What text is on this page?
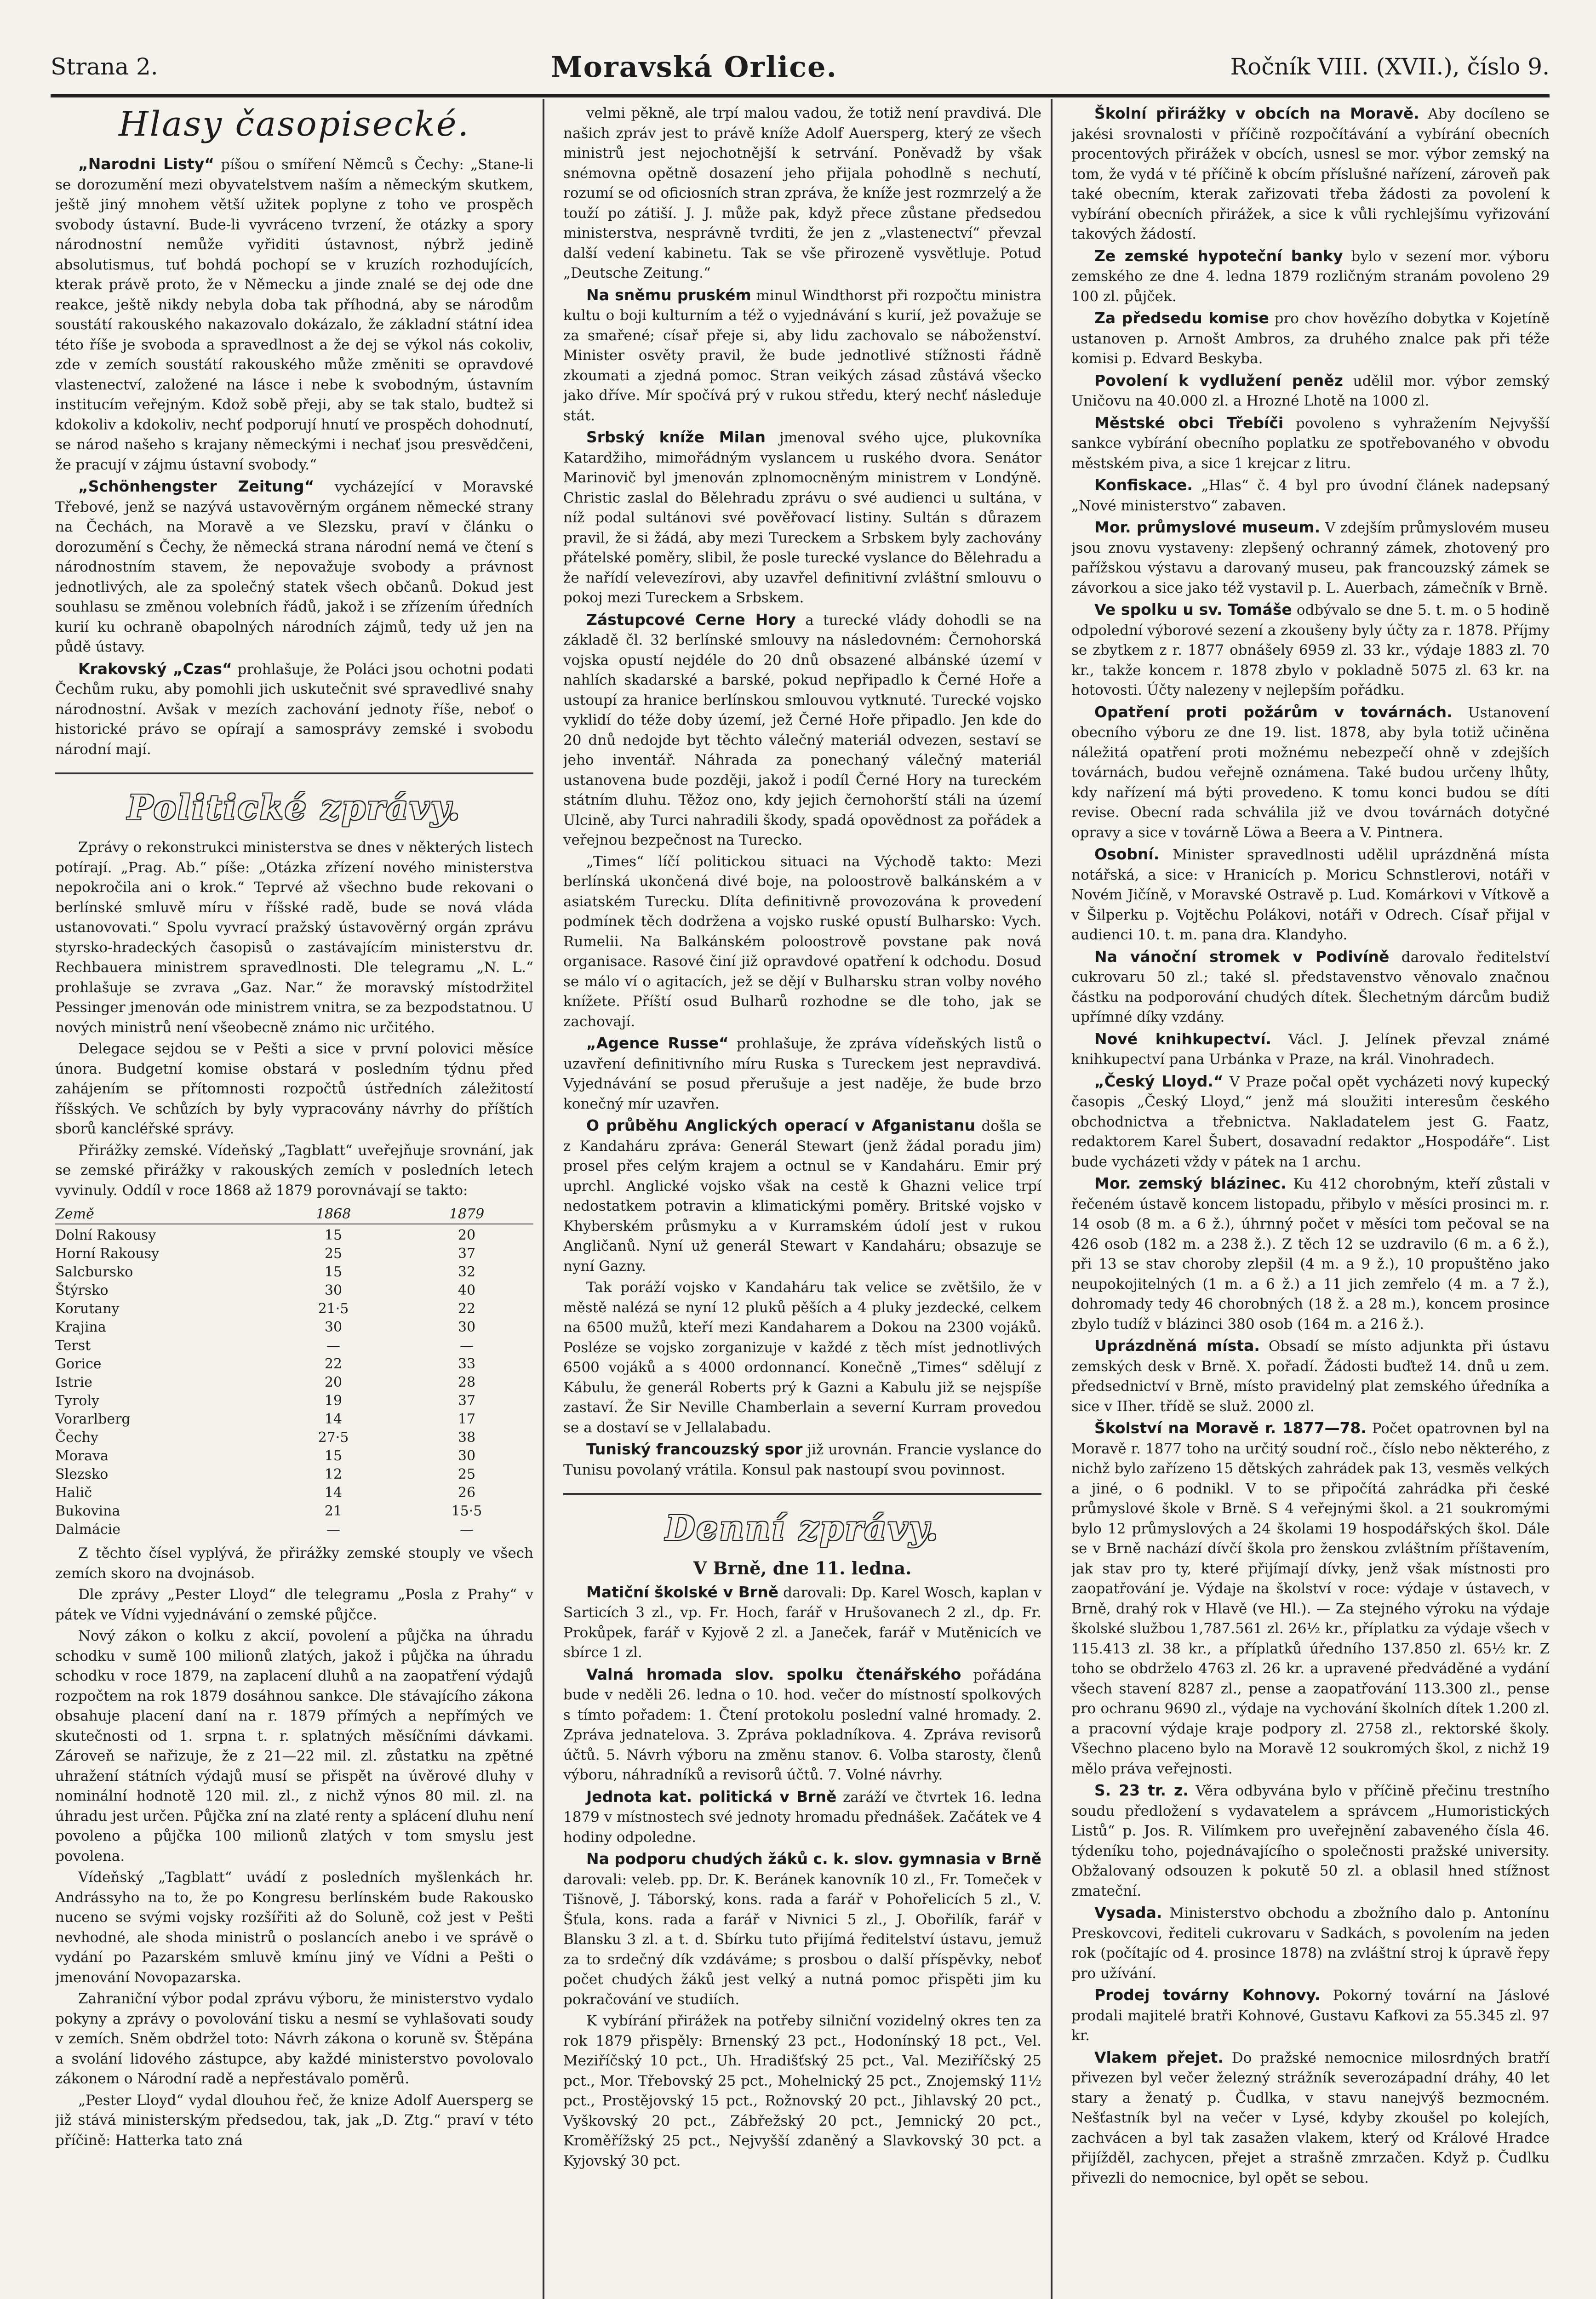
Strana 2.	Moravská Orlice.	Ročník VIII. (XVII.), číslo 9.
Hlasy časopisecké.

„Narodni Listy“ píšou o smíření Němců s Čechy: „Stane-li se dorozumění mezi obyvatelstvem naším a německým skutkem, ještě jiný mnohem větší užitek poplyne z toho ve prospěch svobody ústavní. Bude-li vyvráceno tvrzení, že otázky a spory národnostní nemůže vyřiditi ústavnost, nýbrž jedině absolutismus, tuť bohdá pochopí se v kruzích rozhodujících, kterak právě proto, že v Německu a jinde znalé se dej ode dne reakce, ještě nikdy nebyla doba tak příhodná, aby se národům soustátí rakouského nakazovalo dokázalo, že základní státní idea této říše je svoboda a spravedlnost a že dej se výkol nás cokoliv, zde v zemích soustátí rakouského může změniti se opravdové vlastenectví, založené na lásce i nebe k svobodným, ústavním institucím veřejným. Kdož sobě přeji, aby se tak stalo, budtež si kdokoliv a kdokoliv, nechť podporují hnutí ve prospěch dohodnutí, se národ našeho s krajany německými i nechať jsou presvědčeni, že pracují v zájmu ústavní svobody.“

„Schönhengster Zeitung“ vycházející v Moravské Třebové, jenž se nazývá ustavověrným orgánem německé strany na Čechách, na Moravě a ve Slezsku, praví v článku o dorozumění s Čechy, že německá strana národní nemá ve čtení s národnostním stavem, že nepovažuje svobody a právnost jednotlivých, ale za společný statek všech občanů. Dokud jest souhlasu se změnou volebních řádů, jakož i se zřízením úředních kurií ku ochraně obapolných národních zájmů, tedy už jen na půdě ústavy.

Krakovský „Czas“ prohlašuje, že Poláci jsou ochotni podati Čechům ruku, aby pomohli jich uskutečnit své spravedlivé snahy národnostní. Avšak v mezích zachování jednoty říše, neboť o historické právo se opírají a samosprávy zemské i svobodu národní mají.

Politické zprávy.

Zprávy o rekonstrukci ministerstva se dnes v některých listech potírají. „Prag. Ab.“ píše: „Otázka zřízení nového ministerstva nepokročila ani o krok.“ Teprvé až všechno bude rekovani o berlínské smluvě míru v říšské radě, bude se nová vláda ustanovovati.“ Spolu vyvrací pražský ústavověrný orgán zprávu styrsko-hradeckých časopisů o zastávajícím ministerstvu dr. Rechbauera ministrem spravedlnosti. Dle telegramu „N. L.“ prohlašuje se zvrava „Gaz. Nar.“ že moravský místodržitel Pessinger jmenován ode ministrem vnitra, se za bezpodstatnou. U nových ministrů není všeobecně známo nic určitého.

Delegace sejdou se v Pešti a sice v první polovici měsíce února. Budgetní komise obstará v posledním týdnu před zahájením se přítomnosti rozpočtů ústředních záležitostí říšských. Ve schůzích by byly vypracovány návrhy do příštích sborů kancléřské správy.

Přirážky zemské. Vídeňský „Tagblatt“ uveřejňuje srovnání, jak se zemské přirážky v rakouských zemích v posledních letech vyvinuly. Oddíl v roce 1868 až 1879 porovnávají se takto:

Země	1868	1879
Dolní Rakousy	15	20
Horní Rakousy	25	37
Salcbursko	15	32
Štýrsko	30	40
Korutany	21·5	22
Krajina	30	30
Terst	—	—
Gorice	22	33
Istrie	20	28
Tyroly	19	37
Vorarlberg	14	17
Čechy	27·5	38
Morava	15	30
Slezsko	12	25
Halič	14	26
Bukovina	21	15·5
Dalmácie	—	—

Z těchto čísel vyplývá, že přirážky zemské stouply ve všech zemích skoro na dvojnásob.

Dle zprávy „Pester Lloyd“ dle telegramu „Posla z Prahy“ v pátek ve Vídni vyjednávání o zemské půjčce.

Nový zákon o kolku z akcií, povolení a půjčka na úhradu schodku v sumě 100 milionů zlatých, jakož i půjčka na úhradu schodku v roce 1879, na zaplacení dluhů a na zaopatření výdajů rozpočtem na rok 1879 dosáhnou sankce. Dle stávajícího zákona obsahuje placení daní na r. 1879 přímých a nepřímých ve skutečnosti od 1. srpna t. r. splatných měsíčními dávkami. Zároveň se nařizuje, že z 21—22 mil. zl. zůstatku na zpětné uhražení státních výdajů musí se přispět na úvěrové dluhy v nominální hodnotě 120 mil. zl., z nichž výnos 80 mil. zl. na úhradu jest určen. Půjčka zní na zlaté renty a splácení dluhu není povoleno a půjčka 100 milionů zlatých v tom smyslu jest povolena.

Vídeňský „Tagblatt“ uvádí z posledních myšlenkách hr. Andrássyho na to, že po Kongresu berlínském bude Rakousko nuceno se svými vojsky rozšířiti až do Soluně, což jest v Pešti nevhodné, ale shoda ministrů o poslancích anebo i ve správě o vydání po Pazarském smluvě kmínu jiný ve Vídni a Pešti o jmenování Novopazarska.

Zahraniční výbor podal zprávu výboru, že ministerstvo vydalo pokyny a zprávy o povolování tisku a nesmí se vyhlašovati soudy v zemích. Sněm obdržel toto: Návrh zákona o koruně sv. Štěpána a svolání lidového zástupce, aby každé ministerstvo povolovalo zákonem o Národní radě a nepřestávalo poměrů.

„Pester Lloyd“ vydal dlouhou řeč, že knize Adolf Auersperg se již stává ministerským předsedou, tak, jak „D. Ztg.“ praví v této příčině: Hatterka tato zná

velmi pěkně, ale trpí malou vadou, že totiž není pravdivá. Dle našich zpráv jest to právě kníže Adolf Auersperg, který ze všech ministrů jest nejochotnější k setrvání. Poněvadž by však snémovna opětně dosazení jeho přijala pohodlně s nechutí, rozumí se od oficiosních stran zpráva, že kníže jest rozmrzelý a že touží po zátiší. J. J. může pak, když přece zůstane předsedou ministerstva, nesprávně tvrditi, že jen z „vlastenectví“ převzal další vedení kabinetu. Tak se vše přirozeně vysvětluje. Potud „Deutsche Zeitung.“

Na sněmu pruském minul Windthorst při rozpočtu ministra kultu o boji kulturním a též o vyjednávání s kurií, jež považuje se za smařené; císař přeje si, aby lidu zachovalo se náboženství. Minister osvěty pravil, že bude jednotlivé stížnosti řádně zkoumati a zjedná pomoc. Stran veikých zásad zůstává všecko jako dříve. Mír spočívá prý v rukou středu, který nechť následuje stát.

Srbský kníže Milan jmenoval svého ujce, plukovníka Katardžiho, mimořádným vyslancem u ruského dvora. Senátor Marinovič byl jmenován zplnomocněným ministrem v Londýně. Christic zaslal do Bělehradu zprávu o své audienci u sultána, v níž podal sultánovi své pověřovací listiny. Sultán s důrazem pravil, že si žádá, aby mezi Tureckem a Srbskem byly zachovány přátelské poměry, slibil, že posle turecké vyslance do Bělehradu a že nařídí velevezírovi, aby uzavřel definitivní zvláštní smlouvu o pokoj mezi Tureckem a Srbskem.

Zástupcové Cerne Hory a turecké vlády dohodli se na základě čl. 32 berlínské smlouvy na následovném: Černohorská vojska opustí nejdéle do 20 dnů obsazené albánské území v nahlích skadarské a barské, pokud nepřipadlo k Černé Hoře a ustoupí za hranice berlínskou smlouvou vytknuté. Turecké vojsko vyklidí do téže doby území, jež Černé Hoře připadlo. Jen kde do 20 dnů nedojde byt těchto válečný materiál odvezen, sestaví se jeho inventář. Náhrada za ponechaný válečný materiál ustanovena bude později, jakož i podíl Černé Hory na tureckém státním dluhu. Těžoz ono, kdy jejich černohorští stáli na území Ulcině, aby Turci nahradili škody, spadá opovědnost za pořádek a veřejnou bezpečnost na Turecko.

„Times“ líčí politickou situaci na Východě takto: Mezi berlínská ukončená divé boje, na poloostrově balkánském a v asiatském Turecku. Dlíta definitivně provozována k provedení podmínek těch dodržena a vojsko ruské opustí Bulharsko: Vych. Rumelii. Na Balkánském poloostrově povstane pak nová organisace. Rasové činí již opravdové opatření k odchodu. Dosud se málo ví o agitacích, jež se dějí v Bulharsku stran volby nového knížete. Příští osud Bulharů rozhodne se dle toho, jak se zachovají.

„Agence Russe“ prohlašuje, že zpráva vídeňských listů o uzavření definitivního míru Ruska s Tureckem jest nepravdivá. Vyjednávání se posud přerušuje a jest naděje, že bude brzo konečný mír uzavřen.

O průběhu Anglických operací v Afganistanu došla se z Kandaháru zpráva: Generál Stewart (jenž žádal poradu jim) prosel přes celým krajem a octnul se v Kandaháru. Emir prý uprchl. Anglické vojsko však na cestě k Ghazni velice trpí nedostatkem potravin a klimatickými poměry. Britské vojsko v Khyberském průsmyku a v Kurramském údolí jest v rukou Angličanů. Nyní už generál Stewart v Kandaháru; obsazuje se nyní Gazny.

Tak poráží vojsko v Kandaháru tak velice se zvětšilo, že v městě nalézá se nyní 12 pluků pěších a 4 pluky jezdecké, celkem na 6500 mužů, kteří mezi Kandaharem a Dokou na 2300 vojáků. Posléze se vojsko zorganizuje v každé z těch míst jednotlivých 6500 vojáků a s 4000 ordonnancí. Konečně „Times“ sdělují z Kábulu, že generál Roberts prý k Gazni a Kabulu již se nejspíše zastaví. Že Sir Neville Chamberlain a severní Kurram provedou se a dostaví se v Jellalabadu.

Tuniský francouzský spor již urovnán. Francie vyslance do Tunisu povolaný vrátila. Konsul pak nastoupí svou povinnost.

Denní zprávy.
V Brně, dne 11. ledna.

Matiční školské v Brně darovali: Dp. Karel Wosch, kaplan v Sarticích 3 zl., vp. Fr. Hoch, farář v Hrušovanech 2 zl., dp. Fr. Prokůpek, farář v Kyjově 2 zl. a Janeček, farář v Mutěnicích ve sbírce 1 zl.

Valná hromada slov. spolku čtenářského pořádána bude v neděli 26. ledna o 10. hod. večer do místností spolkových s tímto pořadem: 1. Čtení protokolu poslední valné hromady. 2. Zpráva jednatelova. 3. Zpráva pokladníkova. 4. Zpráva revisorů účtů. 5. Návrh výboru na změnu stanov. 6. Volba starosty, členů výboru, náhradníků a revisorů účtů. 7. Volné návrhy.

Jednota kat. politická v Brně zaráží ve čtvrtek 16. ledna 1879 v místnostech své jednoty hromadu přednášek. Začátek ve 4 hodiny odpoledne.

Na podporu chudých žáků c. k. slov. gymnasia v Brně darovali: veleb. pp. Dr. K. Beránek kanovník 10 zl., Fr. Tomeček v Tišnově, J. Táborský, kons. rada a farář v Pohořelicích 5 zl., V. Šťula, kons. rada a farář v Nivnici 5 zl., J. Obořilík, farář v Blansku 3 zl. a t. d. Sbírku tuto přijímá ředitelství ústavu, jemuž za to srdečný dík vzdáváme; s prosbou o další příspěvky, neboť počet chudých žáků jest velký a nutná pomoc přispěti jim ku pokračování ve studiích.

K vybírání přirážek na potřeby silniční vozidelný okres ten za rok 1879 přispěly: Brnenský 23 pct., Hodonínský 18 pct., Vel. Meziříčský 10 pct., Uh. Hradišťský 25 pct., Val. Meziříčský 25 pct., Mor. Třebovský 25 pct., Mohelnický 25 pct., Znojemský 11½ pct., Prostějovský 15 pct., Rožnovský 20 pct., Jihlavský 20 pct., Vyškovský 20 pct., Zábřežský 20 pct., Jemnický 20 pct., Kroměřížský 25 pct., Nejvyšší zdaněný a Slavkovský 30 pct. a Kyjovský 30 pct.

Školní přirážky v obcích na Moravě. Aby docíleno se jakési srovnalosti v příčině rozpočítávání a vybírání obecních procentových přirážek v obcích, usnesl se mor. výbor zemský na tom, že vydá v té příčině k obcím příslušné nařízení, zároveň pak také obecním, kterak zařizovati třeba žádosti za povolení k vybírání obecních přirážek, a sice k vůli rychlejšímu vyřizování takových žádostí.

Ze zemské hypoteční banky bylo v sezení mor. výboru zemského ze dne 4. ledna 1879 rozličným stranám povoleno 29 100 zl. půjček.

Za předsedu komise pro chov hovězího dobytka v Kojetíně ustanoven p. Arnošt Ambros, za druhého znalce pak při téže komisi p. Edvard Beskyba.

Povolení k vydlužení peněz udělil mor. výbor zemský Uničovu na 40.000 zl. a Hrozné Lhotě na 1000 zl.

Městské obci Třebíči povoleno s vyhražením Nejvyšší sankce vybírání obecního poplatku ze spotřebovaného v obvodu městském piva, a sice 1 krejcar z litru.

Konfiskace. „Hlas“ č. 4 byl pro úvodní článek nadepsaný „Nové ministerstvo“ zabaven.

Mor. průmyslové museum. V zdejším průmyslovém museu jsou znovu vystaveny: zlepšený ochranný zámek, zhotovený pro pařížskou výstavu a darovaný museu, pak francouzský zámek se závorkou a sice jako též vystavil p. L. Auerbach, zámečník v Brně.

Ve spolku u sv. Tomáše odbývalo se dne 5. t. m. o 5 hodině odpolední výborové sezení a zkoušeny byly účty za r. 1878. Příjmy se zbytkem z r. 1877 obnášely 6959 zl. 33 kr., výdaje 1883 zl. 70 kr., takže koncem r. 1878 zbylo v pokladně 5075 zl. 63 kr. na hotovosti. Účty nalezeny v nejlepším pořádku.

Opatření proti požárům v továrnách. Ustanovení obecního výboru ze dne 19. list. 1878, aby byla totiž učiněna náležitá opatření proti možnému nebezpečí ohně v zdejších továrnách, budou veřejně oznámena. Také budou určeny lhůty, kdy nařízení má býti provedeno. K tomu konci budou se díti revise. Obecní rada schválila již ve dvou továrnách dotyčné opravy a sice v továrně Löwa a Beera a V. Pintnera.

Osobní. Minister spravedlnosti udělil uprázdněná místa notářská, a sice: v Hranicích p. Moricu Schnstlerovi, notáři v Novém Jičíně, v Moravské Ostravě p. Lud. Komárkovi v Vítkově a v Šilperku p. Vojtěchu Polákovi, notáři v Odrech. Císař přijal v audienci 10. t. m. pana dra. Klandyho.

Na vánoční stromek v Podivíně darovalo ředitelství cukrovaru 50 zl.; také sl. představenstvo věnovalo značnou částku na podporování chudých dítek. Šlechetným dárcům budiž upřímné díky vzdány.

Nové knihkupectví. Václ. J. Jelínek převzal známé knihkupectví pana Urbánka v Praze, na král. Vinohradech.

„Český Lloyd.“ V Praze počal opět vycházeti nový kupecký časopis „Český Lloyd,“ jenž má sloužiti interesům českého obchodnictva a třebnictva. Nakladatelem jest G. Faatz, redaktorem Karel Šubert, dosavadní redaktor „Hospodáře“. List bude vycházeti vždy v pátek na 1 archu.

Mor. zemský blázinec. Ku 412 chorobným, kteří zůstali v řečeném ústavě koncem listopadu, přibylo v měsíci prosinci m. r. 14 osob (8 m. a 6 ž.), úhrnný počet v měsíci tom pečoval se na 426 osob (182 m. a 238 ž.). Z těch 12 se uzdravilo (6 m. a 6 ž.), při 13 se stav choroby zlepšil (4 m. a 9 ž.), 10 propuštěno jako neupokojitelných (1 m. a 6 ž.) a 11 jich zemřelo (4 m. a 7 ž.), dohromady tedy 46 chorobných (18 ž. a 28 m.), koncem prosince zbylo tudíž v blázinci 380 osob (164 m. a 216 ž.).

Uprázdněná místa. Obsadí se místo adjunkta při ústavu zemských desk v Brně. X. pořadí. Žádosti buďtež 14. dnů u zem. předsednictví v Brně, místo pravidelný plat zemského úředníka a sice v IIher. třídě se služ. 2000 zl.

Školství na Moravě r. 1877—78. Počet opatrovnen byl na Moravě r. 1877 toho na určitý soudní roč., číslo nebo některého, z nichž bylo zařízeno 15 dětských zahrádek pak 13, vesměs velkých a jiné, o 6 podnikl. V to se připočítá zahrádka při české průmyslové škole v Brně. S 4 veřejnými škol. a 21 soukromými bylo 12 průmyslových a 24 školami 19 hospodářských škol. Dále se v Brně nachází dívčí škola pro ženskou zvláštním příštavením, jak stav pro ty, které přijímají dívky, jenž však místnosti pro zaopatřování je. Výdaje na školství v roce: výdaje v ústavech, v Brně, drahý rok v Hlavě (ve Hl.). — Za stejného výroku na výdaje školské službou 1,787.561 zl. 26½ kr., příplatku za výdaje všech v 115.413 zl. 38 kr., a příplatků úředního 137.850 zl. 65½ kr. Z toho se obdrželo 4763 zl. 26 kr. a upravené předváděné a vydání všech stavení 8287 zl., pense a zaopatřování 113.300 zl., pense pro ochranu 9690 zl., výdaje na vychování školních dítek 1.200 zl. a pracovní výdaje kraje podpory zl. 2758 zl., rektorské školy. Všechno placeno bylo na Moravě 12 soukromých škol, z nichž 19 mělo práva veřejnosti.

S. 23 tr. z. Věra odbyvána bylo v příčině přečinu trestního soudu předložení s vydavatelem a správcem „Humoristických Listů“ p. Jos. R. Vilímkem pro uveřejnění zabaveného čísla 46. týdeníku toho, pojednávajícího o společnosti pražské university. Obžalovaný odsouzen k pokutě 50 zl. a oblasil hned stížnost zmateční.

Vysada. Ministerstvo obchodu a zbožního dalo p. Antonínu Preskovcovi, řediteli cukrovaru v Sadkách, s povolením na jeden rok (počítajíc od 4. prosince 1878) na zvláštní stroj k úpravě řepy pro užívání.

Prodej továrny Kohnovy. Pokorný tovární na Jáslové prodali majitelé bratři Kohnové, Gustavu Kafkovi za 55.345 zl. 97 kr.

Vlakem přejet. Do pražské nemocnice milosrdných bratří přivezen byl večer železný strážník severozápadní dráhy, 40 let stary a ženatý p. Čudlka, v stavu nanejvýš bezmocném. Nešťastník byl na večer v Lysé, kdyby zkoušel po kolejích, zachvácen a byl tak zasažen vlakem, který od Králové Hradce přijížděl, zachycen, přejet a strašně zmrzačen. Když p. Čudlku přivezli do nemocnice, byl opět se sebou.
